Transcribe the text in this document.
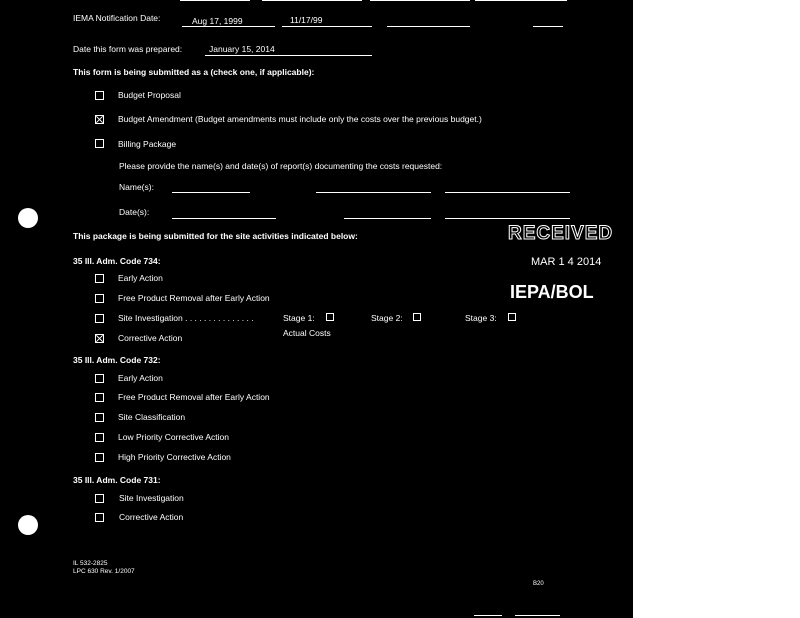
IEMA Notification Date:	Aug 17, 1999	11/17/99
Date this form was prepared:	January 15, 2014
This form is being submitted as a (check one, if applicable):
Budget Proposal
Budget Amendment (Budget amendments must include only the costs over the previous budget.)
Billing Package
Please provide the name(s) and date(s) of report(s) documenting the costs requested:
Name(s):
Date(s):
This package is being submitted for the site activities indicated below:
35 Ill. Adm. Code 734:
Early Action
Free Product Removal after Early Action
Site Investigation . . . . . . . . . . . . . . .
Corrective Action
Stage 1:	Stage 2:	Stage 3:
Actual Costs
35 Ill. Adm. Code 732:
Early Action
Free Product Removal after Early Action
Site Classification
Low Priority Corrective Action
High Priority Corrective Action
35 Ill. Adm. Code 731:
Site Investigation
Corrective Action
RECEIVED
MAR 1 4 2014
IEPA/BOL
IL 532-2825
LPC 630 Rev. 1/2007
B20
